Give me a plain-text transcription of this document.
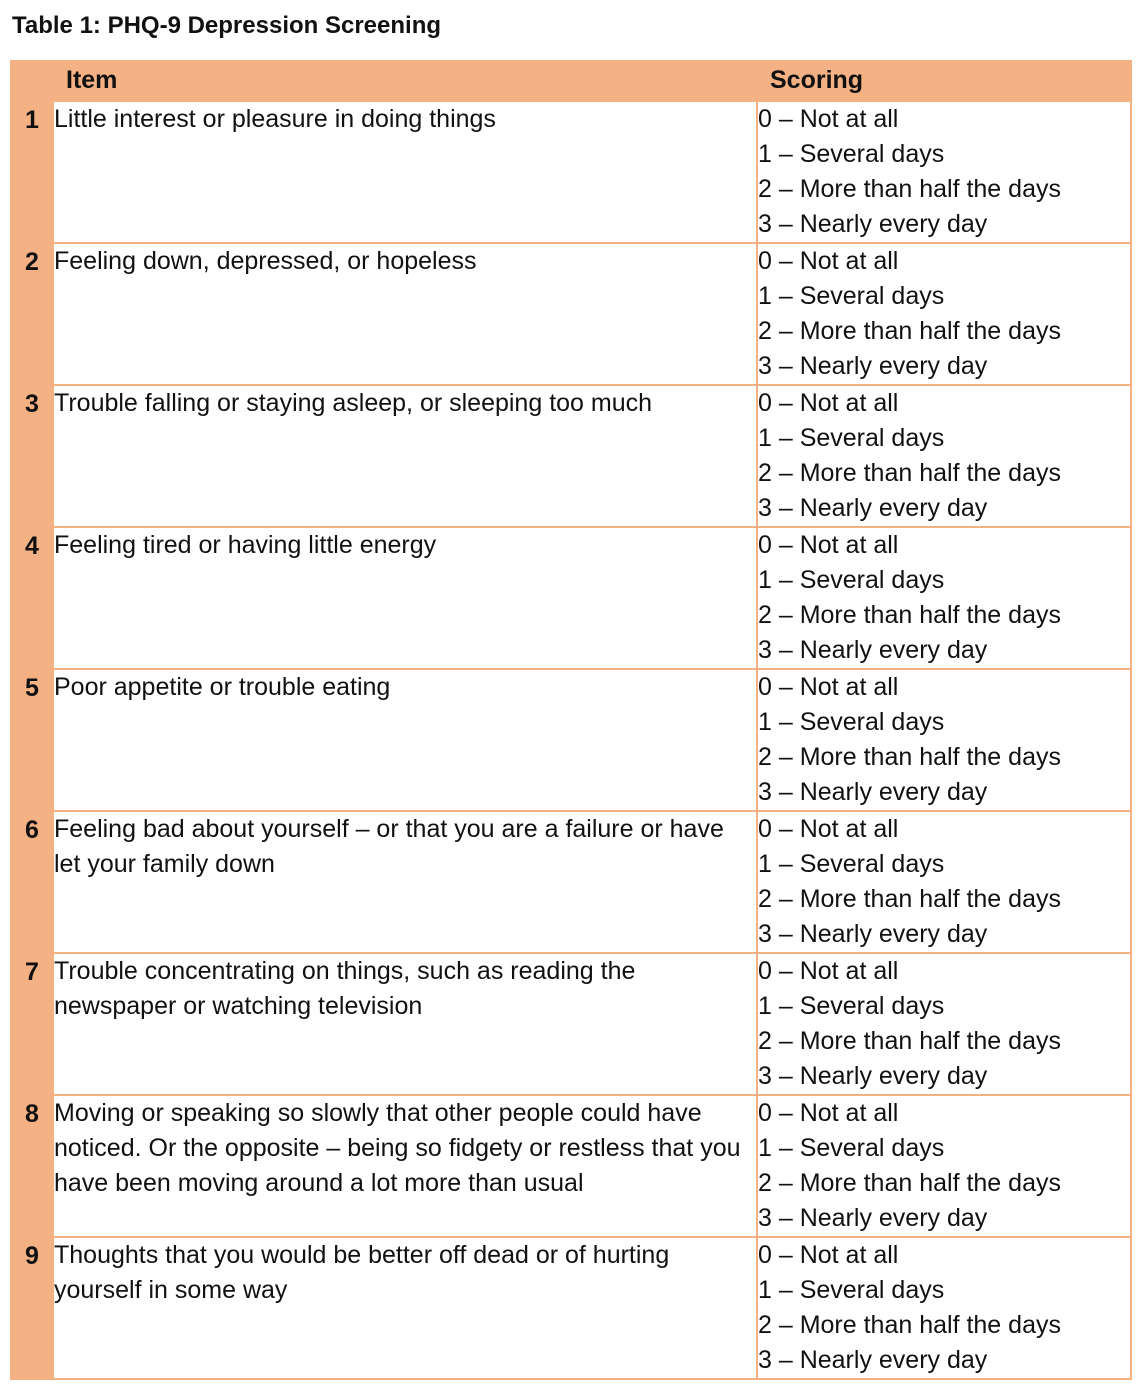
Table 1: PHQ-9 Depression Screening
	Item	Scoring
1	Little interest or pleasure in doing things	0 – Not at all
1 – Several days
2 – More than half the days
3 – Nearly every day

2	Feeling down, depressed, or hopeless	0 – Not at all
1 – Several days
2 – More than half the days
3 – Nearly every day

3	Trouble falling or staying asleep, or sleeping too much	0 – Not at all
1 – Several days
2 – More than half the days
3 – Nearly every day

4	Feeling tired or having little energy	0 – Not at all
1 – Several days
2 – More than half the days
3 – Nearly every day

5	Poor appetite or trouble eating	0 – Not at all
1 – Several days
2 – More than half the days
3 – Nearly every day

6	Feeling bad about yourself – or that you are a failure or have let your family down	0 – Not at all
1 – Several days
2 – More than half the days
3 – Nearly every day

7	Trouble concentrating on things, such as reading the newspaper or watching television	0 – Not at all
1 – Several days
2 – More than half the days
3 – Nearly every day

8	Moving or speaking so slowly that other people could have noticed. Or the opposite – being so fidgety or restless that you have been moving around a lot more than usual	0 – Not at all
1 – Several days
2 – More than half the days
3 – Nearly every day

9	Thoughts that you would be better off dead or of hurting yourself in some way	0 – Not at all
1 – Several days
2 – More than half the days
3 – Nearly every day
